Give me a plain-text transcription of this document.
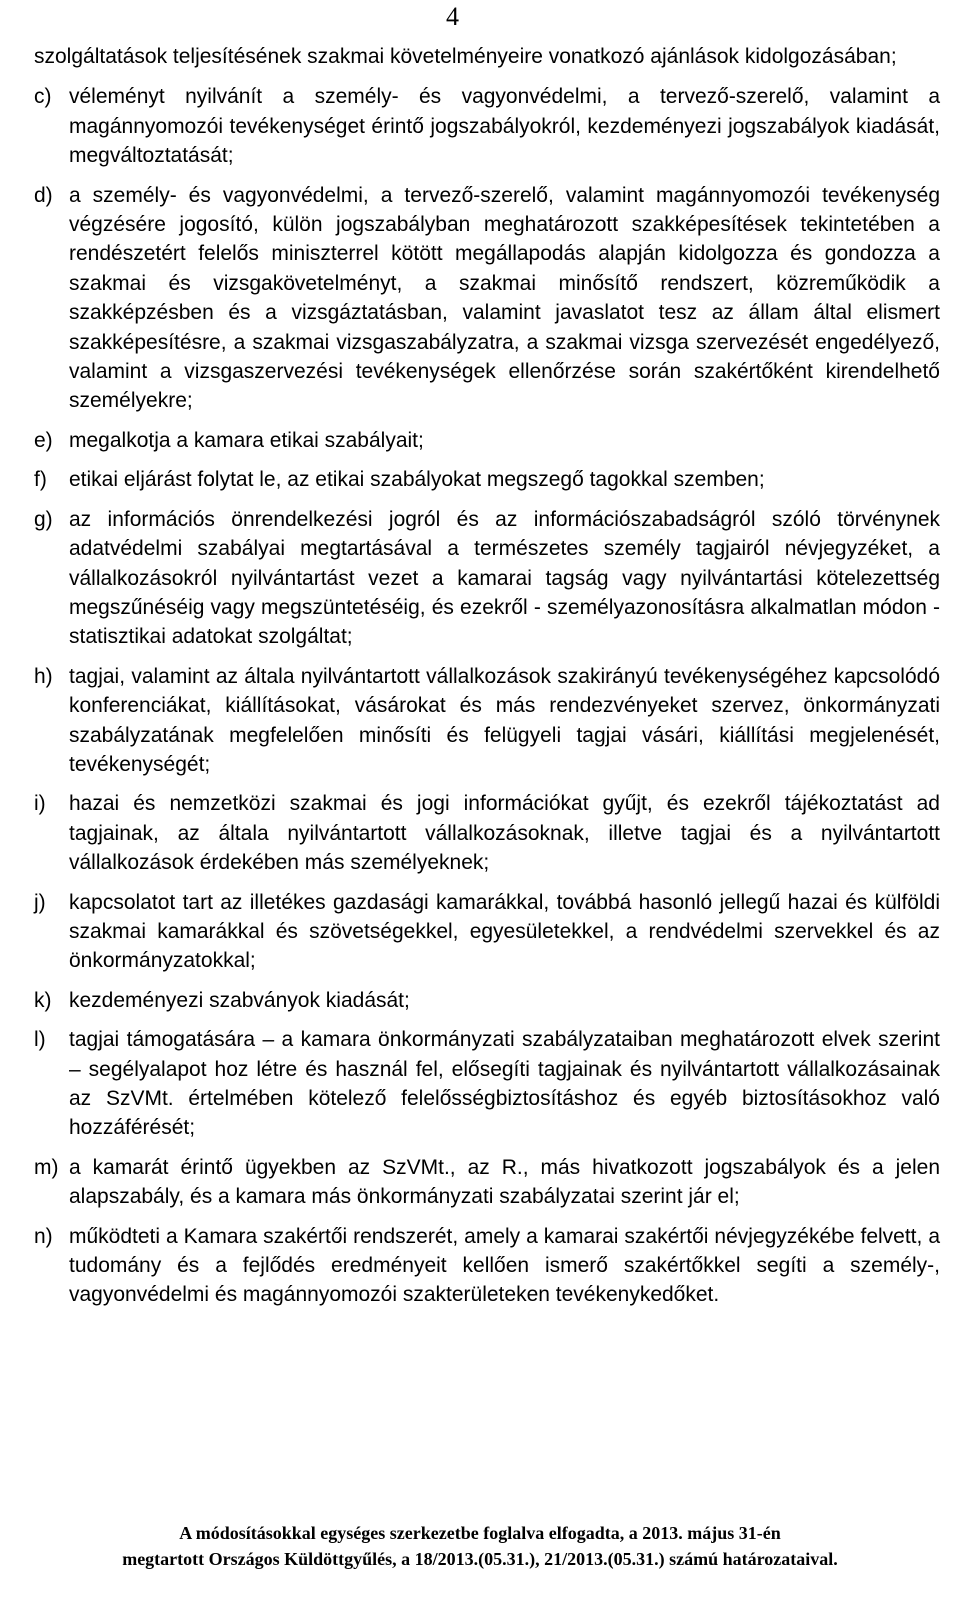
4
szolgáltatások teljesítésének szakmai követelményeire vonatkozó ajánlások kidolgozásában;
c) véleményt nyilvánít a személy- és vagyonvédelmi, a tervező-szerelő, valamint a magánnyomozói tevékenységet érintő jogszabályokról, kezdeményezi jogszabályok kiadását, megváltoztatását;
d) a személy- és vagyonvédelmi, a tervező-szerelő, valamint magánnyomozói tevékenység végzésére jogosító, külön jogszabályban meghatározott szakképesítések tekintetében a rendészetért felelős miniszterrel kötött megállapodás alapján kidolgozza és gondozza a szakmai és vizsgakövetelményt, a szakmai minősítő rendszert, közreműködik a szakképzésben és a vizsgáztatásban, valamint javaslatot tesz az állam által elismert szakképesítésre, a szakmai vizsgaszabályzatra, a szakmai vizsga szervezését engedélyező, valamint a vizsgaszervezési tevékenységek ellenőrzése során szakértőként kirendelhető személyekre;
e) megalkotja a kamara etikai szabályait;
f)	etikai eljárást folytat le, az etikai szabályokat megszegő tagokkal szemben;
g) az információs önrendelkezési jogról és az információszabadságról szóló törvénynek adatvédelmi szabályai megtartásával a természetes személy tagjairól névjegyzéket, a vállalkozásokról nyilvántartást vezet a kamarai tagság vagy nyilvántartási kötelezettség megszűnéséig vagy megszüntetéséig, és ezekről - személyazonosításra alkalmatlan módon - statisztikai adatokat szolgáltat;
h) tagjai, valamint az általa nyilvántartott vállalkozások szakirányú tevékenységéhez kapcsolódó konferenciákat, kiállításokat, vásárokat és más rendezvényeket szervez, önkormányzati szabályzatának megfelelően minősíti és felügyeli tagjai vásári, kiállítási megjelenését, tevékenységét;
i)	hazai és nemzetközi szakmai és jogi információkat gyűjt, és ezekről tájékoztatást ad tagjainak, az általa nyilvántartott vállalkozásoknak, illetve tagjai és a nyilvántartott vállalkozások érdekében más személyeknek;
j)	kapcsolatot tart az illetékes gazdasági kamarákkal, továbbá hasonló jellegű hazai és külföldi szakmai kamarákkal és szövetségekkel, egyesületekkel, a rendvédelmi szervekkel és az önkormányzatokkal;
k) kezdeményezi szabványok kiadását;
l)	tagjai támogatására – a kamara önkormányzati szabályzataiban meghatározott elvek szerint – segélyalapot hoz létre és használ fel, elősegíti tagjainak és nyilvántartott vállalkozásainak az SzVMt. értelmében kötelező felelősségbiztosításhoz és egyéb biztosításokhoz való hozzáférését;
m) a kamarát érintő ügyekben az SzVMt., az R., más hivatkozott jogszabályok és a jelen alapszabály, és a kamara más önkormányzati szabályzatai szerint jár el;
n) működteti a Kamara szakértői rendszerét, amely a kamarai szakértői névjegyzékébe felvett, a tudomány és a fejlődés eredményeit kellően ismerő szakértőkkel segíti a személy-, vagyonvédelmi és magánnyomozói szakterületeken tevékenykedőket.
A módosításokkal egységes szerkezetbe foglalva elfogadta, a 2013. május 31-én
megtartott Országos Küldöttgyűlés, a 18/2013.(05.31.), 21/2013.(05.31.) számú határozataival.
